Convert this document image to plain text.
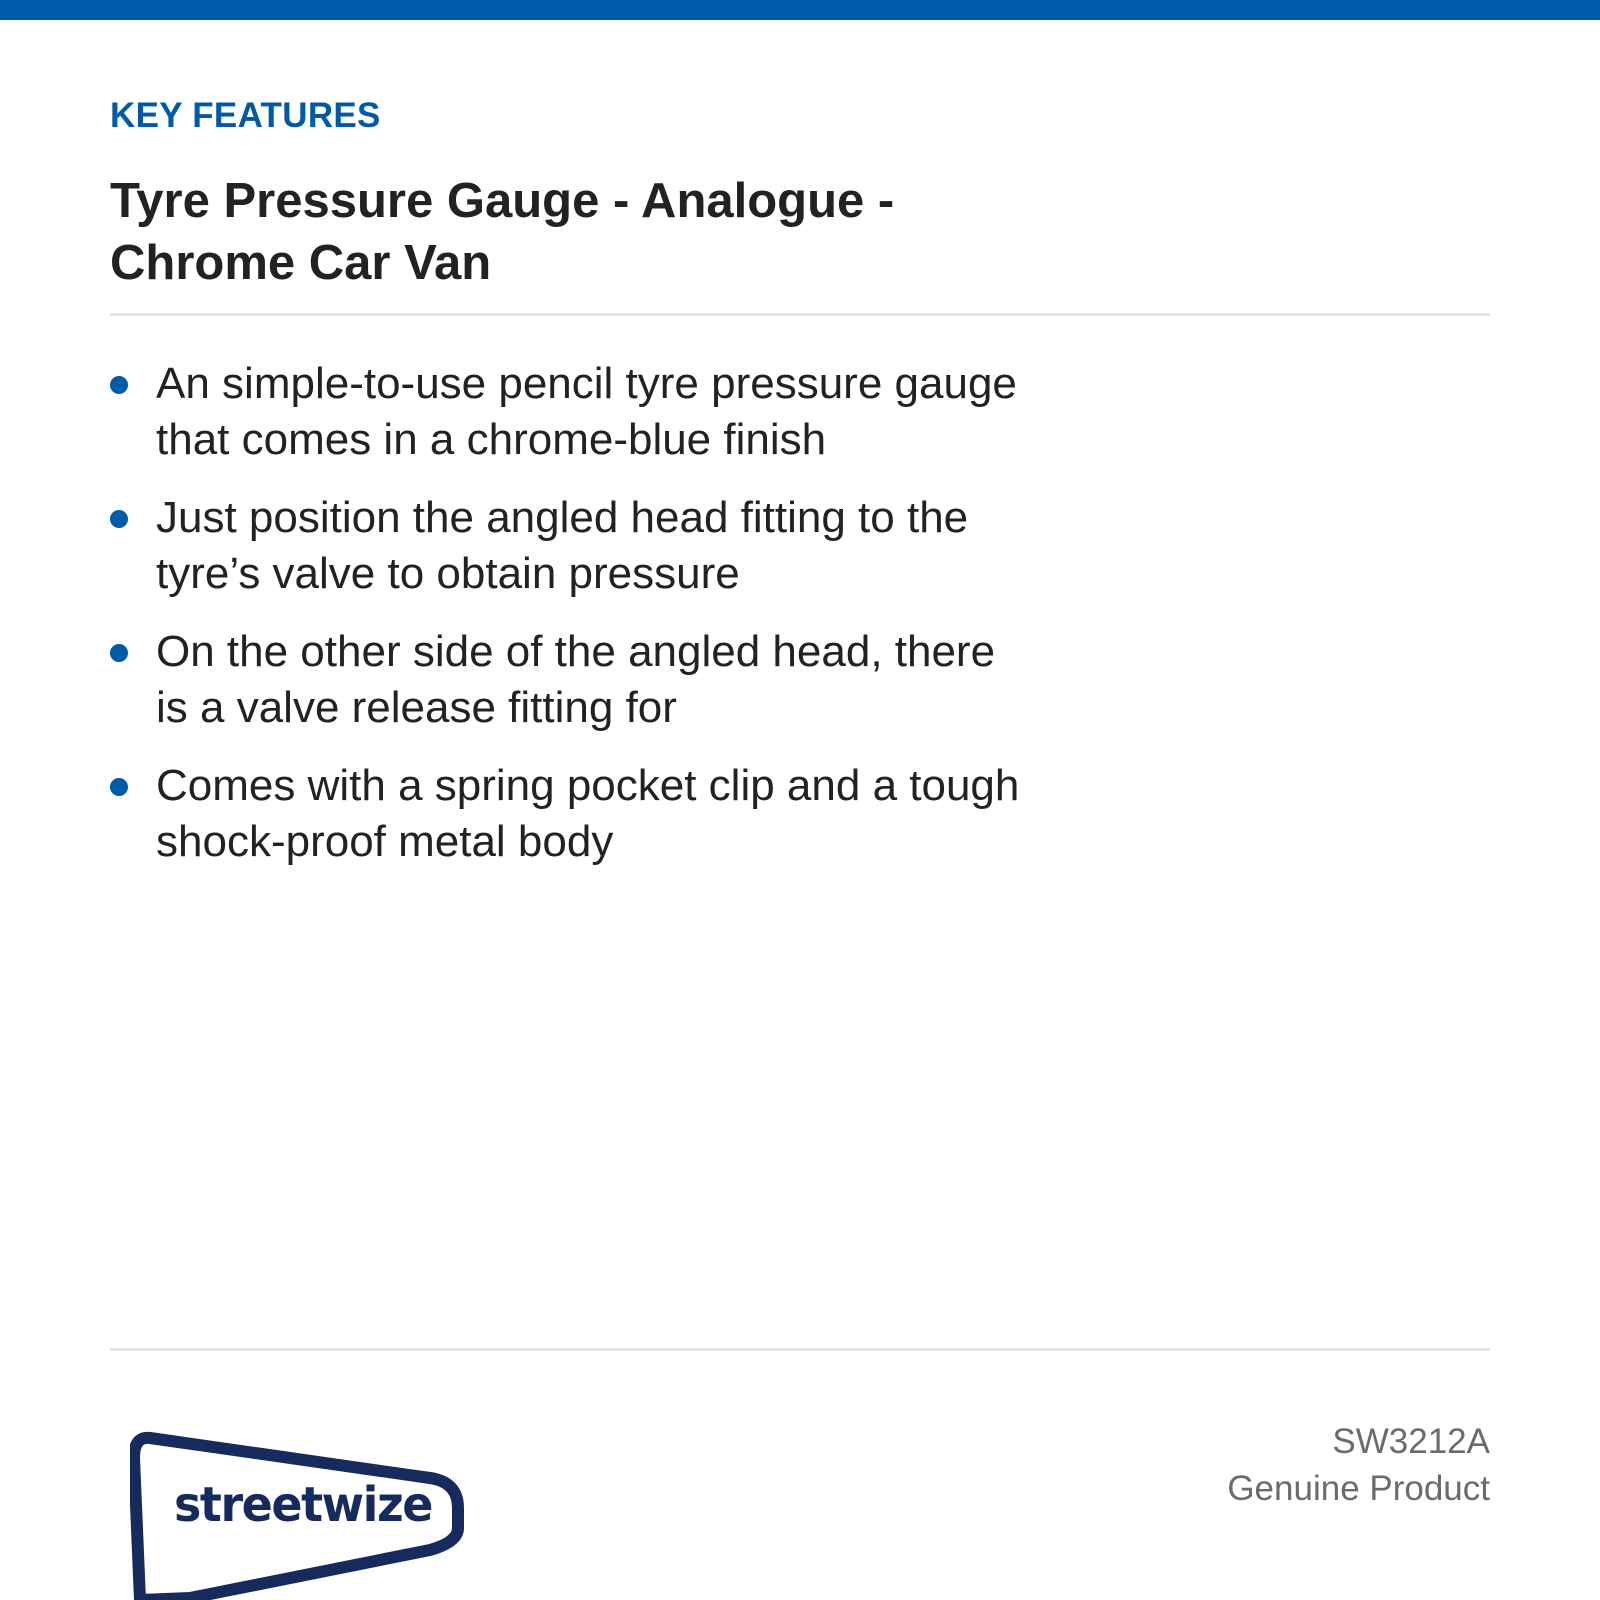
KEY FEATURES
Tyre Pressure Gauge - Analogue - Chrome Car Van
An simple-to-use pencil tyre pressure gauge that comes in a chrome-blue finish
Just position the angled head fitting to the tyre’s valve to obtain pressure
On the other side of the angled head, there is a valve release fitting for
Comes with a spring pocket clip and a tough shock-proof metal body
streetwize
SW3212A
Genuine Product
